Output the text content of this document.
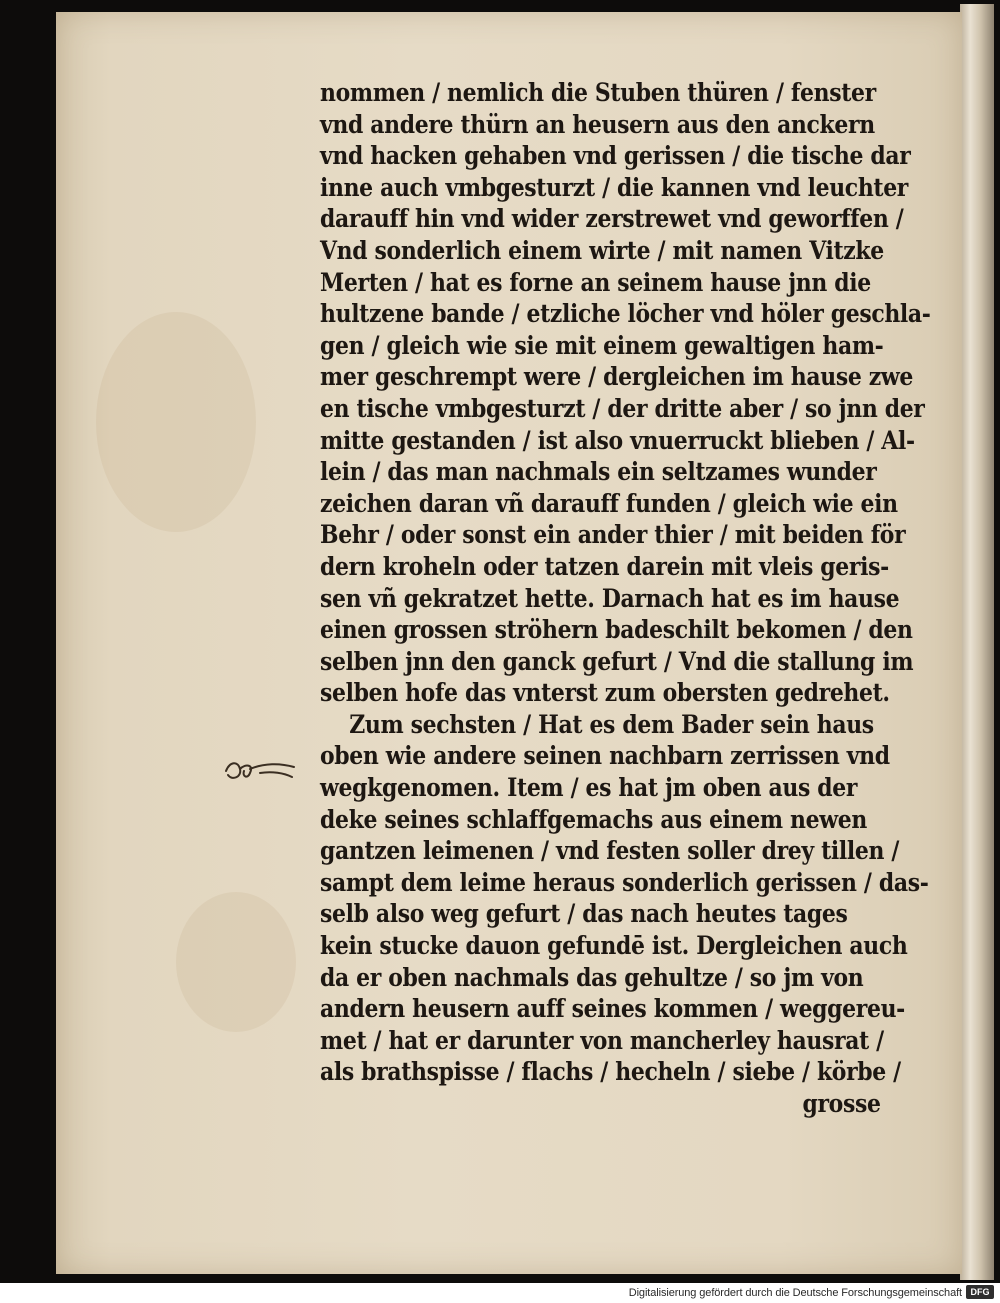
nommen / nemlich die Stuben thüren / fenster
vnd andere thürn an heusern aus den anckern
vnd hacken gehaben vnd gerissen / die tische dar
inne auch vmbgesturzt / die kannen vnd leuchter
darauff hin vnd wider zerstrewet vnd geworffen /
Vnd sonderlich einem wirte / mit namen Vitzke
Merten / hat es forne an seinem hause jnn die
hultzene bande / etzliche löcher vnd höler geschla-
gen / gleich wie sie mit einem gewaltigen ham-
mer geschrempt were / dergleichen im hause zwe
en tische vmbgesturzt / der dritte aber / so jnn der
mitte gestanden / ist also vnuerruckt blieben / Al-
lein / das man nachmals ein seltzames wunder
zeichen daran vñ darauff funden / gleich wie ein
Behr / oder sonst ein ander thier / mit beiden för
dern kroheln oder tatzen darein mit vleis geris-
sen vñ gekratzet hette. Darnach hat es im hause
einen grossen ströhern badeschilt bekomen / den
selben jnn den ganck gefurt / Vnd die stallung im
selben hofe das vnterst zum obersten gedrehet.
Zum sechsten / Hat es dem Bader sein haus
oben wie andere seinen nachbarn zerrissen vnd
wegkgenomen. Item / es hat jm oben aus der
deke seines schlaffgemachs aus einem newen
gantzen leimenen / vnd festen soller drey tillen /
sampt dem leime heraus sonderlich gerissen / das-
selb also weg gefurt / das nach heutes tages
kein stucke dauon gefundē ist. Dergleichen auch
da er oben nachmals das gehultze / so jm von
andern heusern auff seines kommen / weggereu-
met / hat er darunter von mancherley hausrat /
als brathspisse / flachs / hecheln / siebe / körbe /
grosse
Digitalisierung gefördert durch die Deutsche Forschungsgemeinschaft DFG
